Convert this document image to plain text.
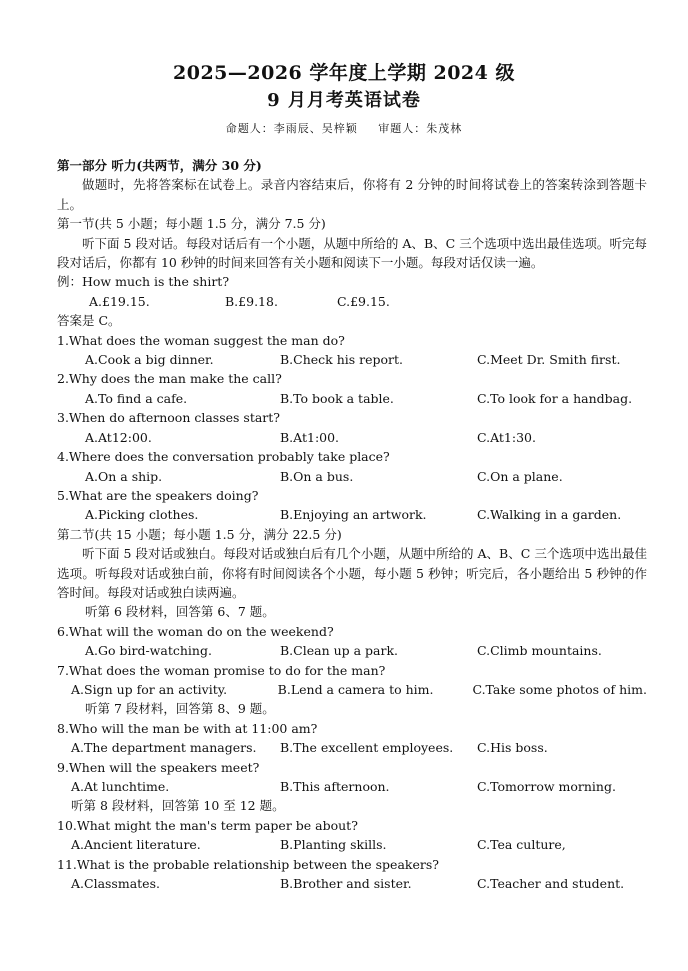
2025—2026 学年度上学期 2024 级
9 月月考英语试卷
命题人：李雨辰、吴梓颖 审题人：朱茂林
第一部分 听力(共两节，满分 30 分)
做题时，先将答案标在试卷上。录音内容结束后，你将有 2 分钟的时间将试卷上的答案转涂到答题卡上。
第一节(共 5 小题；每小题 1.5 分，满分 7.5 分)
听下面 5 段对话。每段对话后有一个小题，从题中所给的 A、B、C 三个选项中选出最佳选项。听完每段对话后，你都有 10 秒钟的时间来回答有关小题和阅读下一小题。每段对话仅读一遍。
例：How much is the shirt?
A.£19.15.	B.£9.18.	C.£9.15.
答案是 C。
1.What does the woman suggest the man do?
A.Cook a big dinner.	B.Check his report.	C.Meet Dr. Smith first.
2.Why does the man make the call?
A.To find a cafe.	B.To book a table.	C.To look for a handbag.
3.When do afternoon classes start?
A.At12:00.	B.At1:00.	C.At1:30.
4.Where does the conversation probably take place?
A.On a ship.	B.On a bus.	C.On a plane.
5.What are the speakers doing?
A.Picking clothes.	B.Enjoying an artwork.	C.Walking in a garden.
第二节(共 15 小题；每小题 1.5 分，满分 22.5 分)
听下面 5 段对话或独白。每段对话或独白后有几个小题，从题中所给的 A、B、C 三个选项中选出最佳选项。听每段对话或独白前，你将有时间阅读各个小题，每小题 5 秒钟；听完后，各小题给出 5 秒钟的作答时间。每段对话或独白读两遍。
听第 6 段材料，回答第 6、7 题。
6.What will the woman do on the weekend?
A.Go bird-watching.	B.Clean up a park.	C.Climb mountains.
7.What does the woman promise to do for the man?
A.Sign up for an activity.	B.Lend a camera to him.	C.Take some photos of him.
听第 7 段材料，回答第 8、9 题。
8.Who will the man be with at 11:00 am?
A.The department managers.	B.The excellent employees.	C.His boss.
9.When will the speakers meet?
A.At lunchtime.	B.This afternoon.	C.Tomorrow morning.
听第 8 段材料，回答第 10 至 12 题。
10.What might the man's term paper be about?
A.Ancient literature.	B.Planting skills.	C.Tea culture,
11.What is the probable relationship between the speakers?
A.Classmates.	B.Brother and sister.	C.Teacher and student.
